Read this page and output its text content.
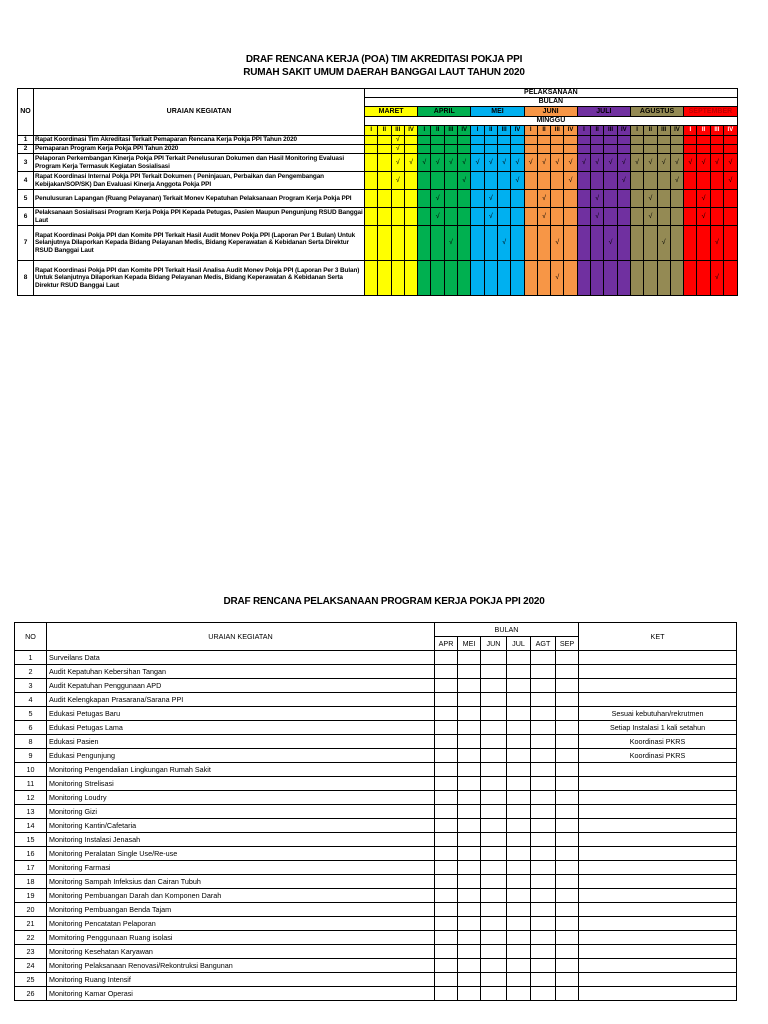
DRAF RENCANA KERJA (POA) TIM AKREDITASI POKJA PPI
RUMAH SAKIT UMUM DAERAH BANGGAI LAUT TAHUN 2020
NO	URAIAN KEGIATAN	PELAKSANAAN																											
		BULAN																											
		MARET				APRIL				MEI				JUNI				JULI				AGUSTUS				SEPTEMBER			
		MINGGU																											
		I	II	III	IV	I	II	III	IV	I	II	III	IV	I	II	III	IV	I	II	III	IV	I	II	III	IV	I	II	III	IV
1	Rapat Koordinasi Tim Akreditasi Terkait Pemaparan Rencana Kerja Pokja PPI Tahun 2020			√																									
2	Pemaparan Program Kerja Pokja PPI Tahun 2020			√																									
3	Pelaporan Perkembangan Kinerja Pokja PPI Terkait Penelusuran Dokumen dan Hasil Monitoring Evaluasi Program Kerja Termasuk Kegiatan Sosialisasi			√	√	√	√	√	√	√	√	√	√	√	√	√	√	√	√	√	√	√	√	√	√	√	√	√	√
4	Rapat Koordinasi Internal Pokja PPI Terkait Dokumen ( Peninjauan, Perbaikan dan Pengembangan Kebijakan/SOP/SK) Dan Evaluasi Kinerja Anggota Pokja PPI			√					√				√				√				√				√				√
5	Penulusuran Lapangan (Ruang Pelayanan) Terkait Monev Kepatuhan Pelaksanaan Program Kerja Pokja PPI						√				√				√				√				√				√		
6	Pelaksanaan Sosialisasi Program Kerja Pokja PPI Kepada Petugas, Pasien Maupun Pengunjung RSUD Banggai Laut						√				√				√				√				√				√		
7	Rapat Koordinasi Pokja PPI dan Komite PPI Terkait Hasil Audit Monev Pokja PPI (Laporan Per 1 Bulan) Untuk Selanjutnya Dilaporkan Kepada Bidang Pelayanan Medis, Bidang Keperawatan & Kebidanan Serta Direktur RSUD Banggai Laut							√				√				√				√				√				√	
8	Rapat Koordinasi Pokja PPI dan Komite PPI Terkait Hasil Analisa Audit Monev Pokja PPI (Laporan Per 3 Bulan) Untuk Selanjutnya Dilaporkan Kepada Bidang Pelayanan Medis, Bidang Keperawatan & Kebidanan Serta Direktur RSUD Banggai Laut															√												√	
DRAF RENCANA PELAKSANAAN PROGRAM KERJA POKJA PPI 2020
NO	URAIAN KEGIATAN	BULAN						KET
		APR	MEI	JUN	JUL	AGT	SEP	
1	Surveilans Data							
2	Audit Kepatuhan Kebersihan Tangan							
3	Audit Kepatuhan Penggunaan APD							
4	Audit Kelengkapan Prasarana/Sarana PPI							
5	Edukasi Petugas Baru							Sesuai kebutuhan/rekrutmen
6	Edukasi Petugas Lama							Setiap Instalasi 1 kali setahun
8	Edukasi Pasien							Koordinasi PKRS
9	Edukasi Pengunjung							Koordinasi PKRS
10	Monitoring Pengendalian Lingkungan Rumah Sakit							
11	Monitoring Strelisasi							
12	Monitoring Loudry							
13	Monitoring Gizi							
14	Monitoring Kantin/Cafetaria							
15	Monitoring Instalasi Jenasah							
16	Monitoring Peralatan Single Use/Re-use							
17	Monitoring Farmasi							
18	Monitoring Sampah Infeksius dan Cairan Tubuh							
19	Monitoring Pembuangan Darah dan Komponen Darah							
20	Monitoring Pembuangan Benda Tajam							
21	Monitoring Pencatatan Pelaporan							
22	Momitoring Penggunaan Ruang isolasi							
23	Monitoring Kesehatan Karyawan							
24	Monitoring Pelaksanaan Renovasi/Rekontruksi Bangunan							
25	Monitoring Ruang Intensif							
26	Monitoring Kamar Operasi							
